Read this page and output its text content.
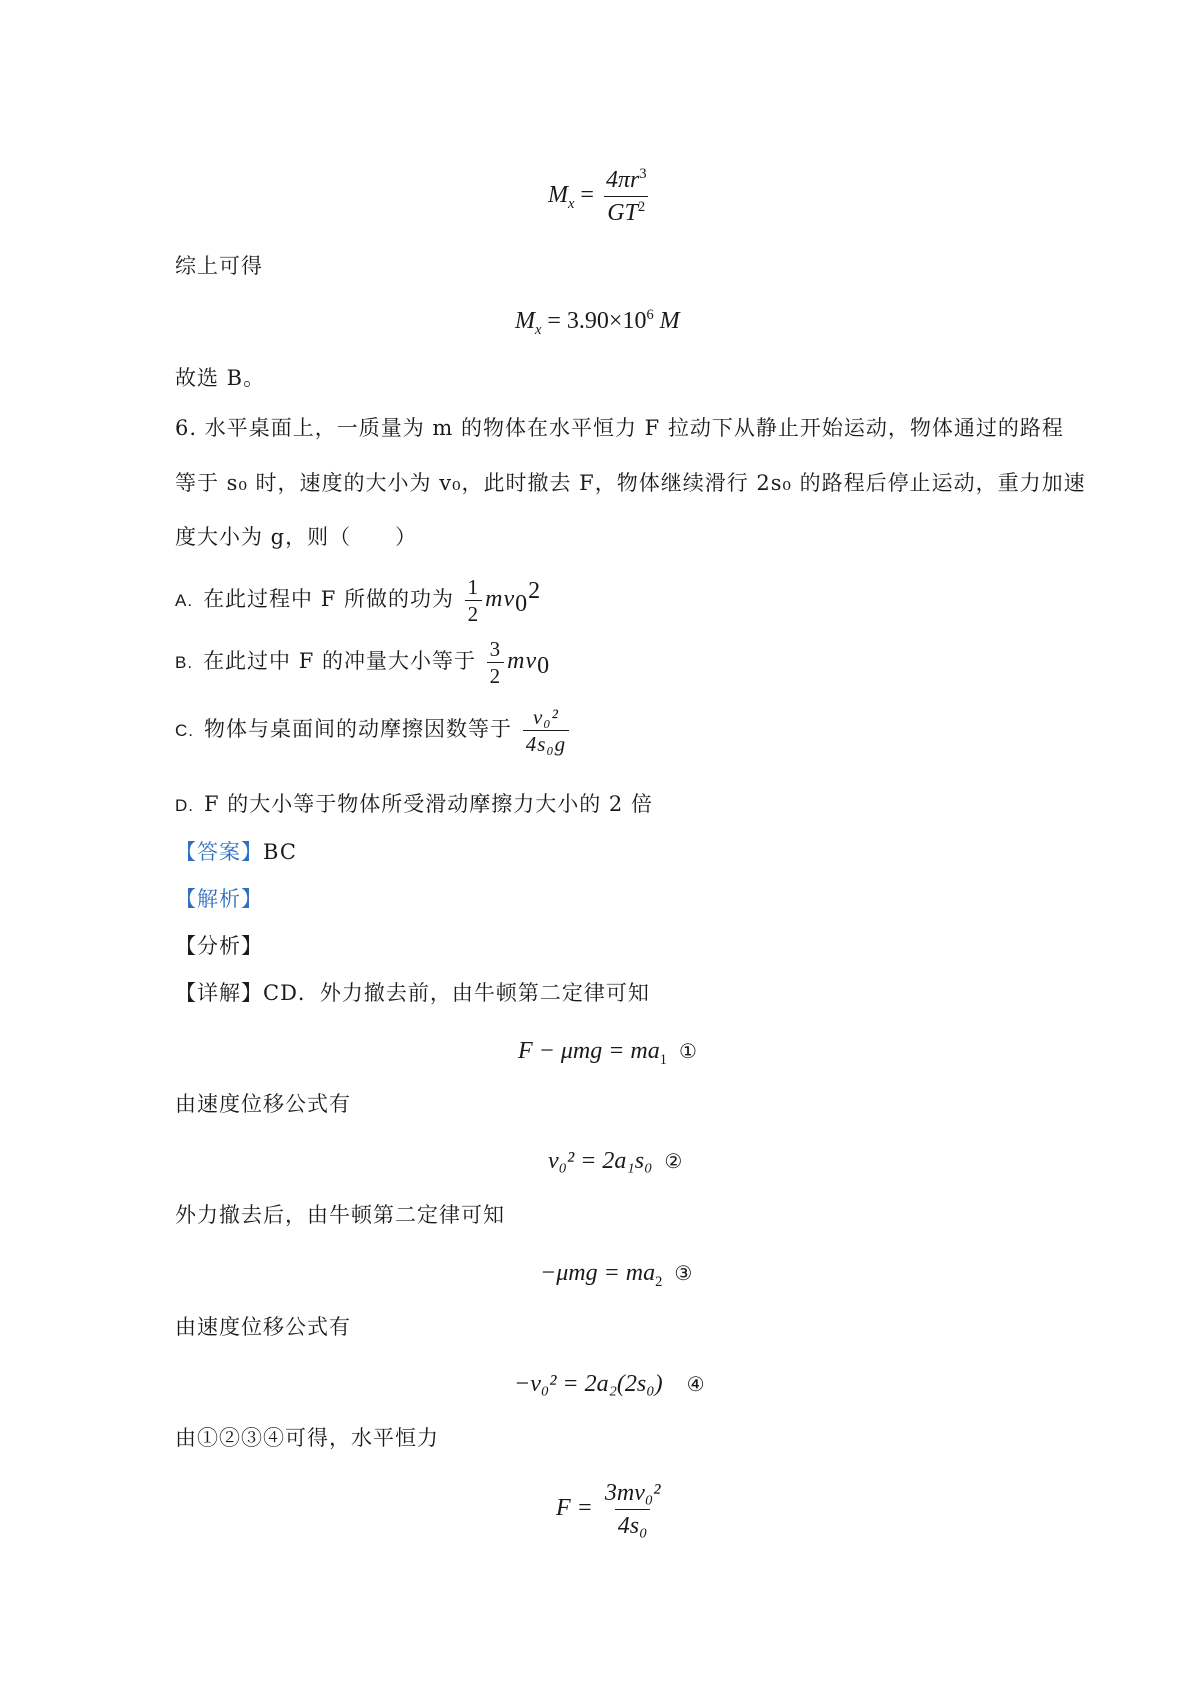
$M_x = \frac{4\pi r^3}{GT^2}$
综上可得
$M_x = 3.90\times 10^6$ M
故选 B。
6. 水平桌面上，一质量为 m 的物体在水平恒力 F 拉动下从静止开始运动，物体通过的路程
等于 s₀ 时，速度的大小为 v₀，此时撤去 F，物体继续滑行 2s₀ 的路程后停止运动，重力加速
度大小为 g，则（　　）
A. 在此过程中 F 所做的功为 $\frac{1}{2} mv_0^2$
B. 在此过中 F 的冲量大小等于 $\frac{3}{2} mv_0$
C. 物体与桌面间的动摩擦因数等于 $\frac{\text{v₀²}}{\text{4s₀g}}$
D. F 的大小等于物体所受滑动摩擦力大小的 2 倍
【答案】BC
【解析】
【分析】
【详解】CD．外力撤去前，由牛顿第二定律可知
$F - \mu mg = ma_1$ ①
由速度位移公式有
v₀² = 2a₁s₀ ②
外力撤去后，由牛顿第二定律可知
$-\mu mg = ma_2$ ③
由速度位移公式有
−v₀² = 2a₂(2s₀) ④
由①②③④可得，水平恒力
$F = \frac{\text{3mv₀²}}{\text{4s₀}}$
